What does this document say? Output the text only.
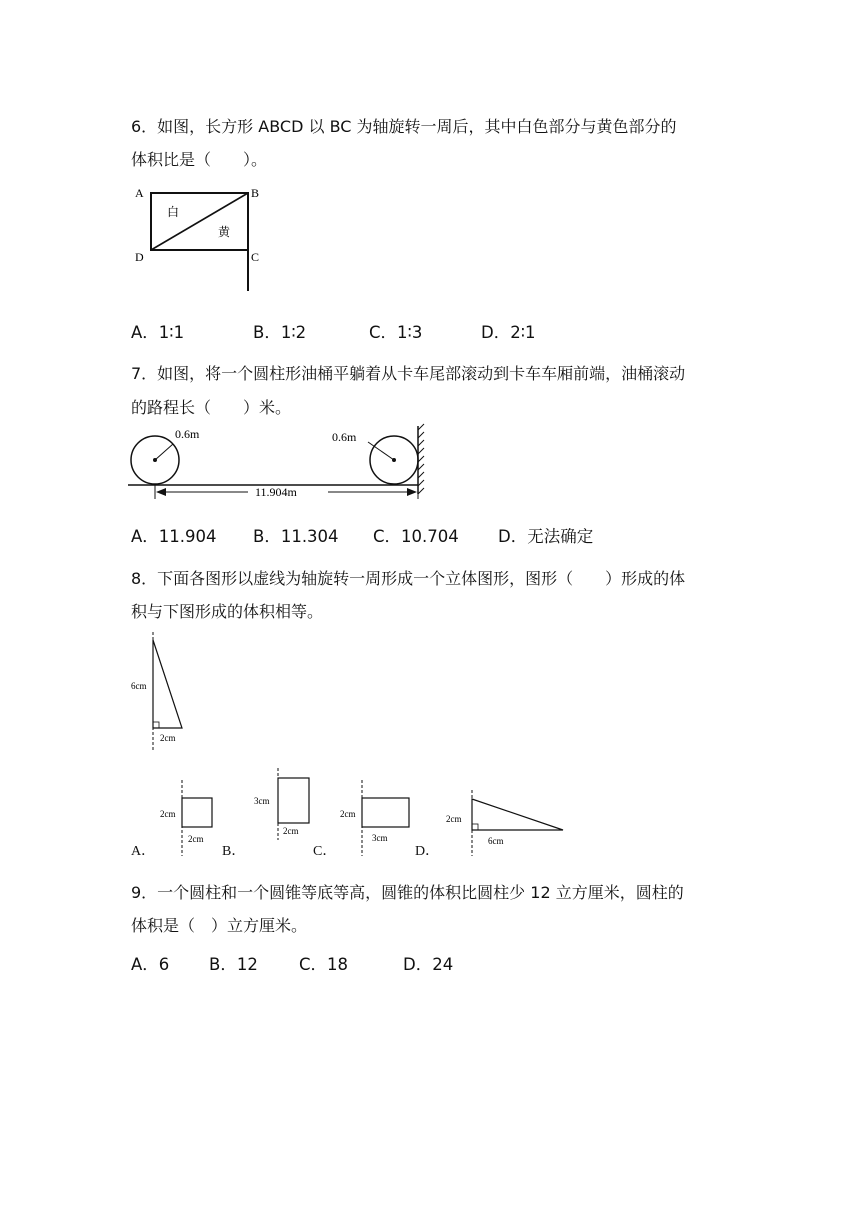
6．如图，长方形 ABCD 以 BC 为轴旋转一周后，其中白色部分与黄色部分的
体积比是（　　）。
A	B
C
D
白
黄
A．1∶1	B．1∶2	C．1∶3	D．2∶1
7．如图，将一个圆柱形油桶平躺着从卡车尾部滚动到卡车车厢前端，油桶滚动
的路程长（　　）米。
0.6m	0.6m
11.904m
A．11.904 B．11.304 C．10.704 D．无法确定
8．下面各图形以虚线为轴旋转一周形成一个立体图形，图形（　　）形成的体
积与下图形成的体积相等。
6cm
2cm
2cm
2cm
3cm
2cm
2cm
3cm
2cm
6cm
A．	B．	C．	D．
9．一个圆柱和一个圆锥等底等高，圆锥的体积比圆柱少 12 立方厘米，圆柱的
体积是（　）立方厘米。
A．6 B．12 C．18	D．24
